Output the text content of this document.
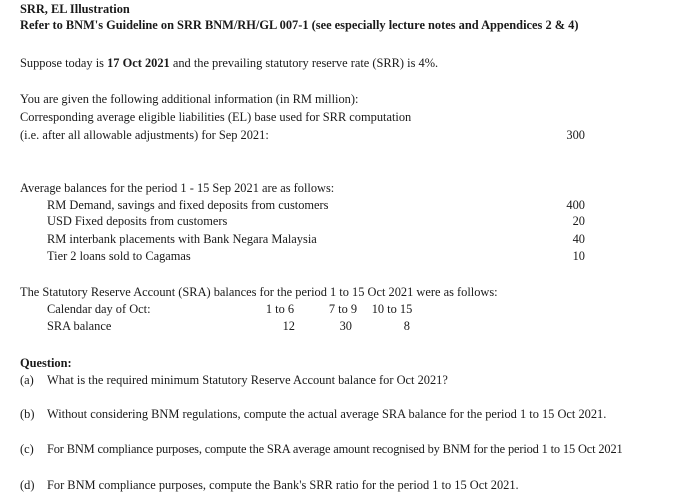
SRR, EL Illustration
Refer to BNM's Guideline on SRR BNM/RH/GL 007-1 (see especially lecture notes and Appendices 2 & 4)
Suppose today is 17 Oct 2021 and the prevailing statutory reserve rate (SRR) is 4%.
You are given the following additional information (in RM million):
Corresponding average eligible liabilities (EL) base used for SRR computation
(i.e. after all allowable adjustments) for Sep 2021:	300
Average balances for the period 1 - 15 Sep 2021 are as follows:
RM Demand, savings and fixed deposits from customers	400
USD Fixed deposits from customers	20
RM interbank placements with Bank Negara Malaysia	40
Tier 2 loans sold to Cagamas	10
The Statutory Reserve Account (SRA) balances for the period 1 to 15 Oct 2021 were as follows:
Calendar day of Oct:	1 to 6	7 to 9	10 to 15
SRA balance	12	30	8
Question:
(a) What is the required minimum Statutory Reserve Account balance for Oct 2021?
(b) Without considering BNM regulations, compute the actual average SRA balance for the period 1 to 15 Oct 2021.
(c) For BNM compliance purposes, compute the SRA average amount recognised by BNM for the period 1 to 15 Oct 2021
(d) For BNM compliance purposes, compute the Bank's SRR ratio for the period 1 to 15 Oct 2021.
